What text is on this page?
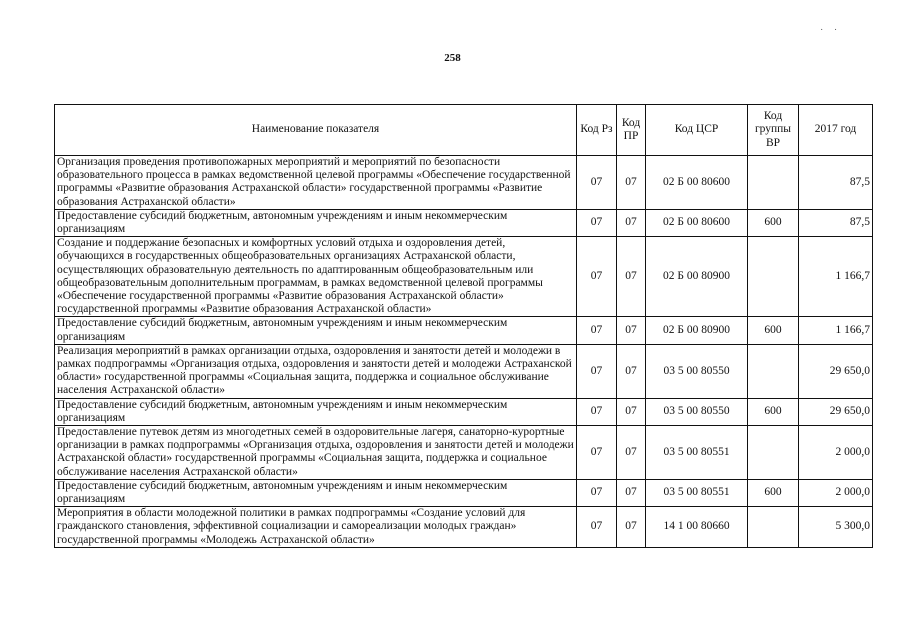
258
˙ ˙
Наименование показателя	Код Рз	Код ПР	Код ЦСР	Код группы ВР	2017 год
Организация проведения противопожарных мероприятий и мероприятий по безопасности образовательного процесса в рамках ведомственной целевой программы «Обеспечение государственной программы «Развитие образования Астраханской области» государственной программы «Развитие образования Астраханской области»	07	07	02 Б 00 80600		87,5
Предоставление субсидий бюджетным, автономным учреждениям и иным некоммерческим организациям	07	07	02 Б 00 80600	600	87,5
Создание и поддержание безопасных и комфортных условий отдыха и оздоровления детей, обучающихся в государственных общеобразовательных организациях Астраханской области, осуществляющих образовательную деятельность по адаптированным общеобразовательным или общеобразовательным дополнительным программам, в рамках ведомственной целевой программы «Обеспечение государственной программы «Развитие образования Астраханской области» государственной программы «Развитие образования Астраханской области»	07	07	02 Б 00 80900		1 166,7
Предоставление субсидий бюджетным, автономным учреждениям и иным некоммерческим организациям	07	07	02 Б 00 80900	600	1 166,7
Реализация мероприятий в рамках организации отдыха, оздоровления и занятости детей и молодежи в рамках подпрограммы «Организация отдыха, оздоровления и занятости детей и молодежи Астраханской области» государственной программы «Социальная защита, поддержка и социальное обслуживание населения Астраханской области»	07	07	03 5 00 80550		29 650,0
Предоставление субсидий бюджетным, автономным учреждениям и иным некоммерческим организациям	07	07	03 5 00 80550	600	29 650,0
Предоставление путевок детям из многодетных семей в оздоровительные лагеря, санаторно-курортные организации в рамках подпрограммы «Организация отдыха, оздоровления и занятости детей и молодежи Астраханской области» государственной программы «Социальная защита, поддержка и социальное обслуживание населения Астраханской области»	07	07	03 5 00 80551		2 000,0
Предоставление субсидий бюджетным, автономным учреждениям и иным некоммерческим организациям	07	07	03 5 00 80551	600	2 000,0
Мероприятия в области молодежной политики в рамках подпрограммы «Создание условий для гражданского становления, эффективной социализации и самореализации молодых граждан» государственной программы «Молодежь Астраханской области»	07	07	14 1 00 80660		5 300,0
